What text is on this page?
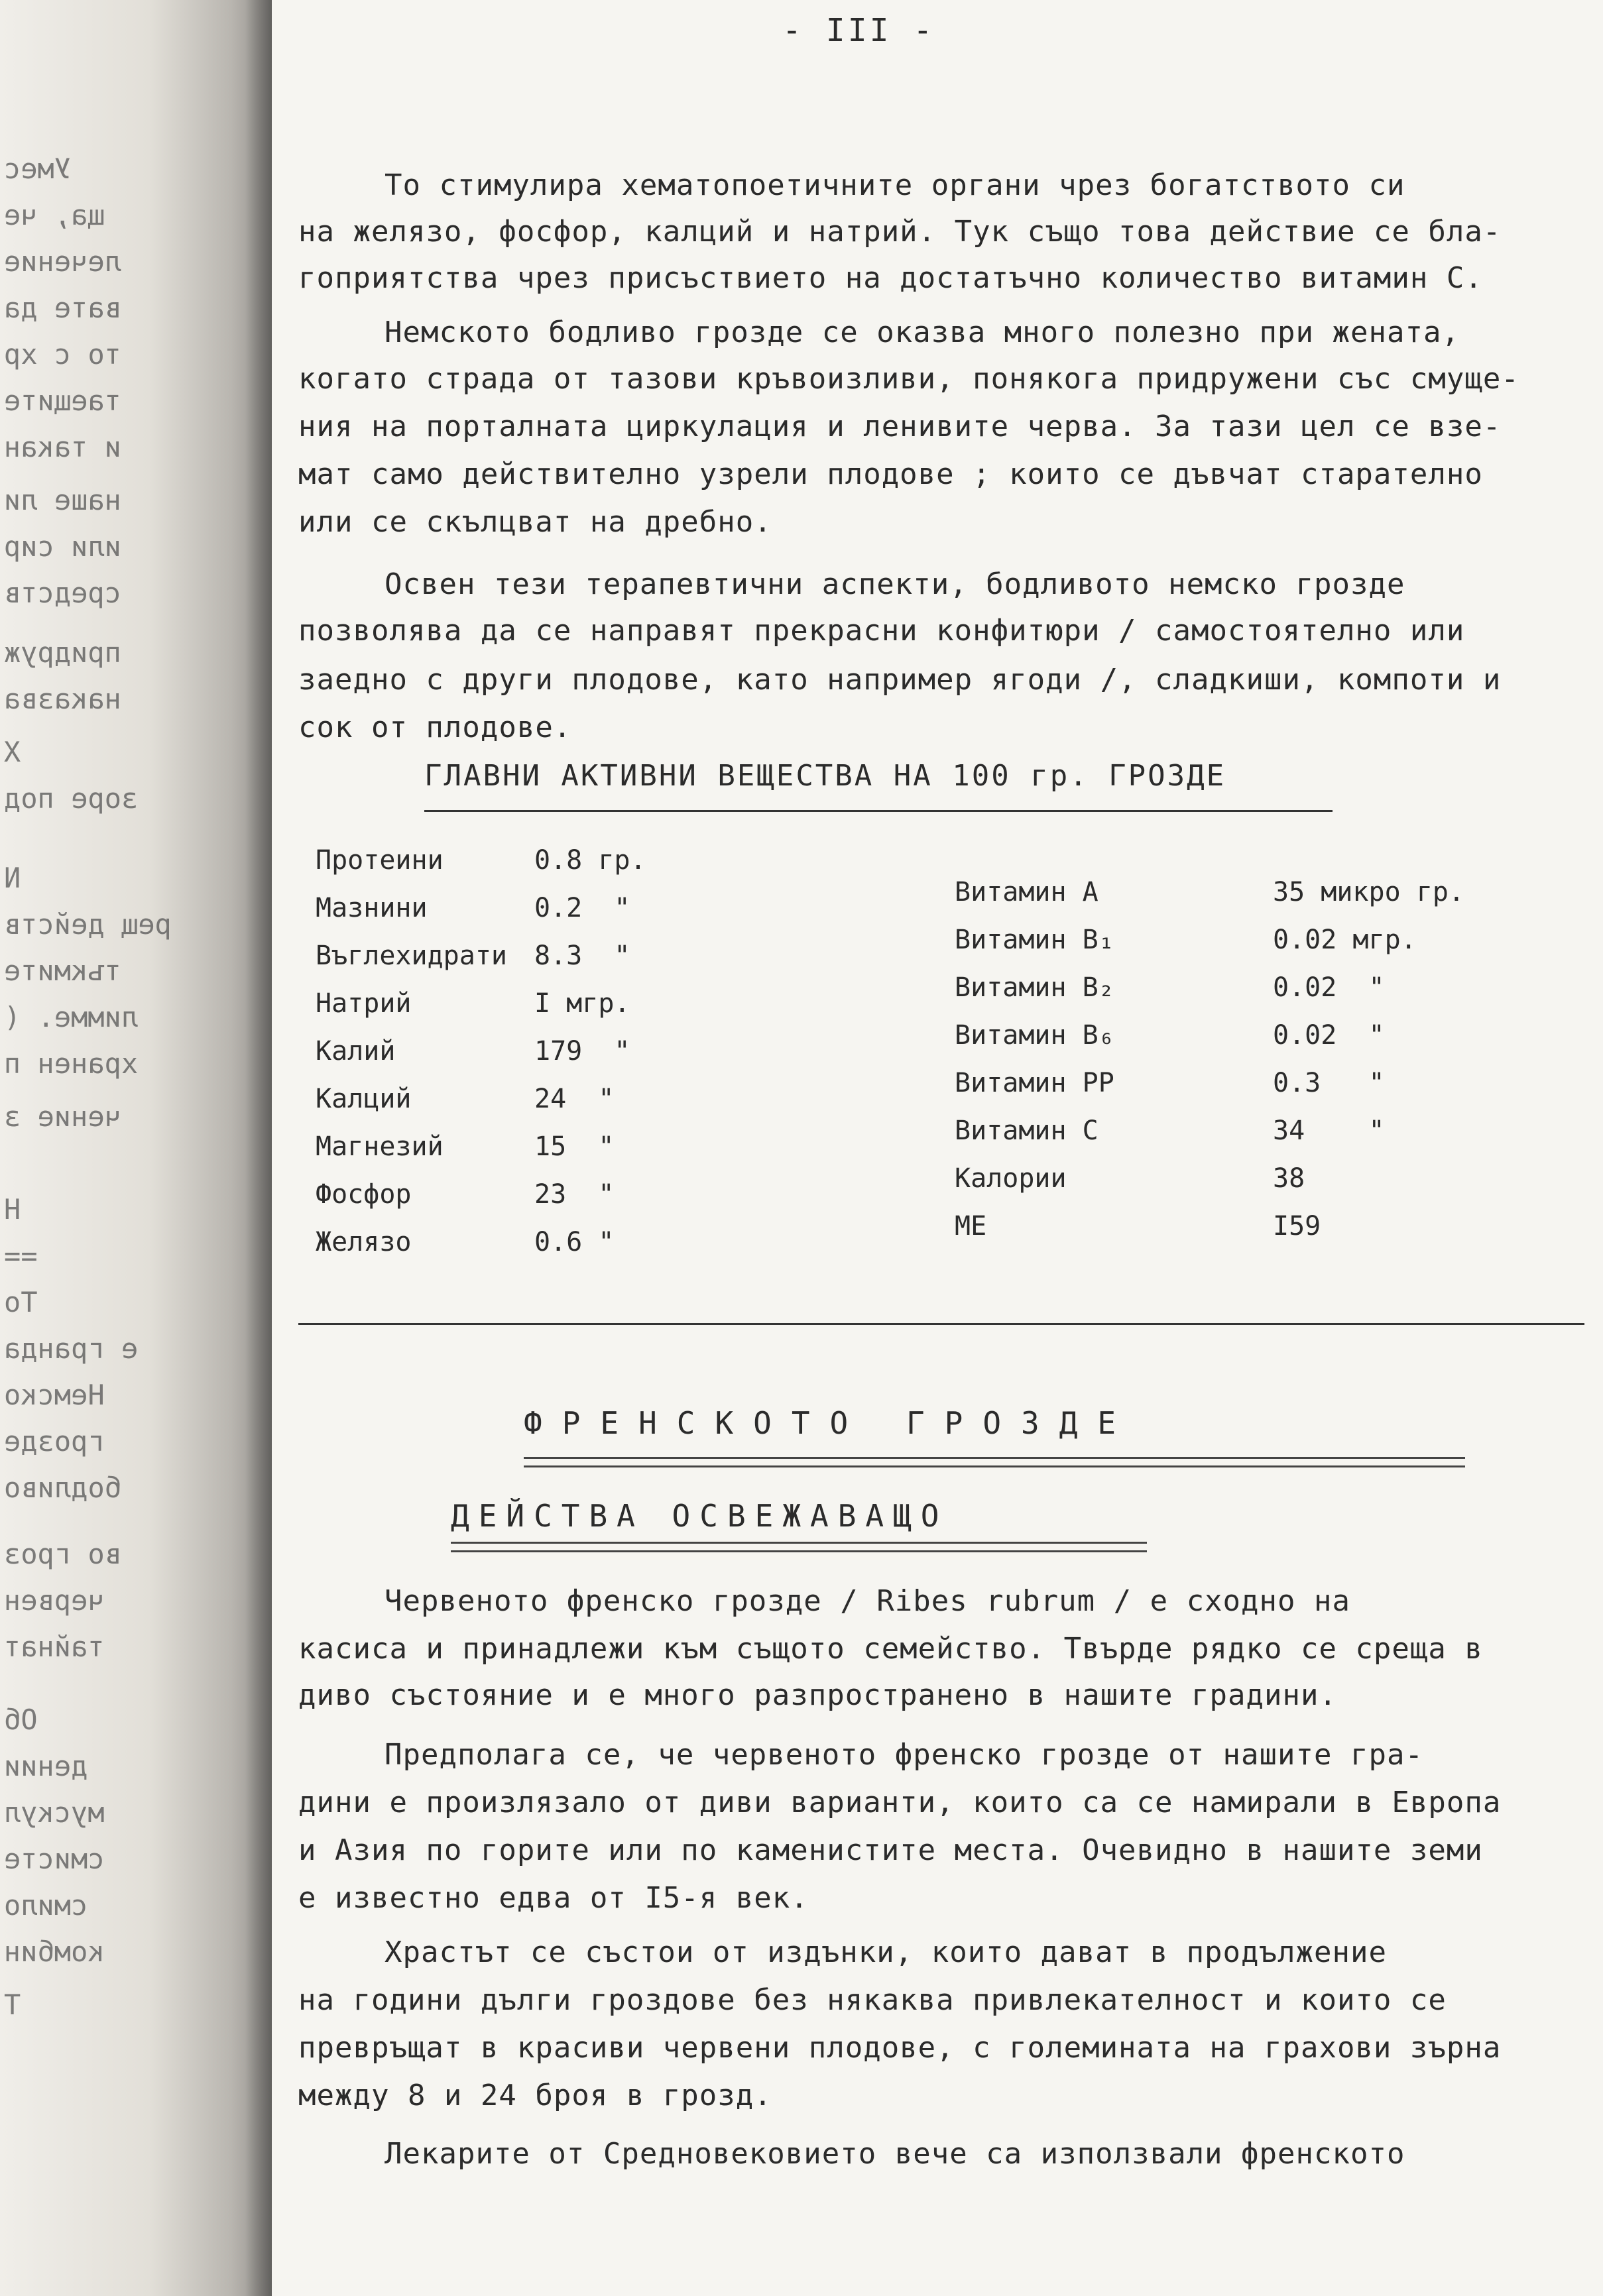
Умес
ща, че
лечение
вате да
то с хр
таещите
и такан
наше ли
или сир
средств
придруж
наказва
Х
зоре под
N
рещ действ
тъкмите
лимме. (
хранен п
чение з
Н
==
То
е гранда
Немско
грозде
бодливо
во гроз
червен
тайнат
Об
дении
мускул
смисте
смило
комбин
Т
- III -
То стимулира хематопоетичните органи чрез богатството си
на желязо, фосфор, калций и натрий. Тук също това действие се бла-
гоприятства чрез присъствието на достатъчно количество витамин С.
Немското бодливо грозде се оказва много полезно при жената,
когато страда от тазови кръвоизливи, понякога придружени със смуще-
ния на порталната циркулация и ленивите черва. За тази цел се взе-
мат само действително узрели плодове ; които се дъвчат старателно
или се скълцват на дребно.
Освен тези терапевтични аспекти, бодливото немско грозде
позволява да се направят прекрасни конфитюри / самостоятелно или
заедно с други плодове, като например ягоди /, сладкиши, компоти и
сок от плодове.
ГЛАВНИ АКТИВНИ ВЕЩЕСТВА НА 100 гр. ГРОЗДЕ
Протеини	0.8 гр.
Мазнини	0.2  "
Въглехидрати 8.3  "
Натрий	I мгр.
Калий	179  "
Калций	24  "
Магнезий	15  "
Фосфор	23  "
Желязо	0.6 "
Витамин A	35 микро гр.
Витамин B₁	0.02 мгр.
Витамин B₂	0.02  "
Витамин B₆	0.02  "
Витамин PP	0.3   "
Витамин C	34    "
Калории	38
МЕ	I59
ФРЕНСКОТО ГРОЗДЕ
ДЕЙСТВА ОСВЕЖАВАЩО
Червеното френско грозде / Ribes rubrum / е сходно на
касиса и принадлежи към същото семейство. Твърде рядко се среща в
диво състояние и е много разпространено в нашите градини.
Предполага се, че червеното френско грозде от нашите гра-
дини е произлязало от диви варианти, които са се намирали в Европа
и Азия по горите или по каменистите места. Очевидно в нашите земи
е известно едва от I5-я век.
Храстът се състои от издънки, които дават в продължение
на години дълги гроздове без някаква привлекателност и които се
превръщат в красиви червени плодове, с големината на грахови зърна
между 8 и 24 броя в грозд.
Лекарите от Средновековието вече са използвали френското
